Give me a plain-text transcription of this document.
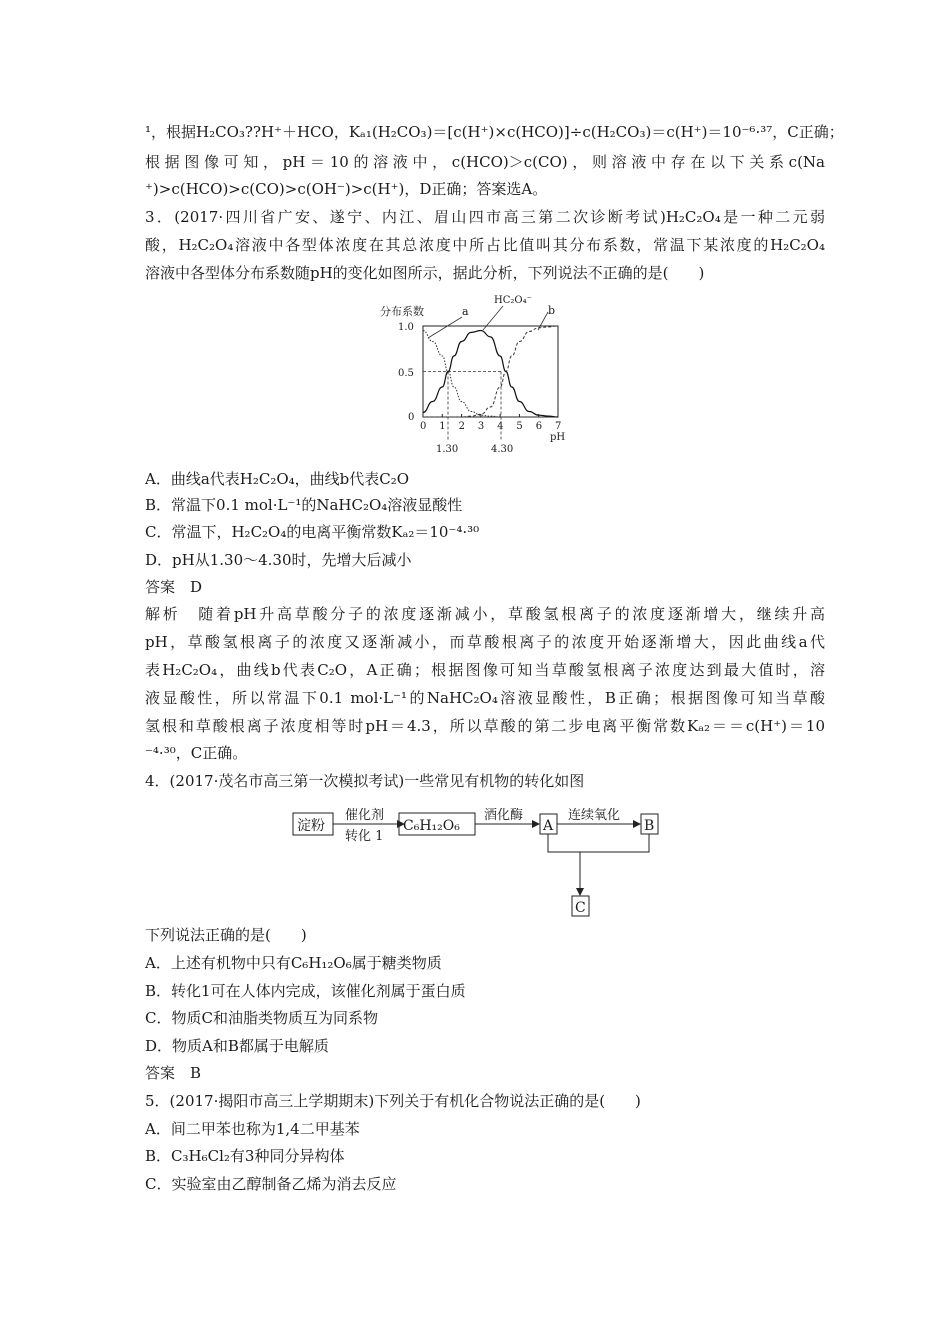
¹，根据H₂CO₃??H⁺＋HCO，Kₐ₁(H₂CO₃)＝[c(H⁺)×c(HCO)]÷c(H₂CO₃)＝c(H⁺)＝10⁻⁶·³⁷，C正确；
根据图像可知，pH＝10的溶液中，c(HCO)＞c(CO)，则溶液中存在以下关系c(Na
⁺)>c(HCO)>c(CO)>c(OH⁻)>c(H⁺)，D正确；答案选A。
3．(2017·四川省广安、遂宁、内江、眉山四市高三第二次诊断考试)H₂C₂O₄是一种二元弱
酸，H₂C₂O₄溶液中各型体浓度在其总浓度中所占比值叫其分布系数，常温下某浓度的H₂C₂O₄
溶液中各型体分布系数随pH的变化如图所示，据此分析，下列说法不正确的是(　　)
分布系数
HC₂O₄⁻
a	b
1.0
0.5
0
0 1 2 3 4 5 6 7
1.30	4.30
pH
A．曲线a代表H₂C₂O₄，曲线b代表C₂O
B．常温下0.1 mol·L⁻¹的NaHC₂O₄溶液显酸性
C．常温下，H₂C₂O₄的电离平衡常数Kₐ₂＝10⁻⁴·³⁰
D．pH从1.30～4.30时，先增大后减小
答案　D
解析　随着pH升高草酸分子的浓度逐渐减小，草酸氢根离子的浓度逐渐增大，继续升高
pH，草酸氢根离子的浓度又逐渐减小，而草酸根离子的浓度开始逐渐增大，因此曲线a代
表H₂C₂O₄，曲线b代表C₂O，A正确；根据图像可知当草酸氢根离子浓度达到最大值时，溶
液显酸性，所以常温下0.1 mol·L⁻¹的NaHC₂O₄溶液显酸性，B正确；根据图像可知当草酸
氢根和草酸根离子浓度相等时pH＝4.3，所以草酸的第二步电离平衡常数Kₐ₂＝＝c(H⁺)＝10
⁻⁴·³⁰，C正确。
4．(2017·茂名市高三第一次模拟考试)一些常见有机物的转化如图
淀粉
催化剂
转化 1
C₆H₁₂O₆
酒化酶
A
连续氧化
B
C
下列说法正确的是(　　)
A．上述有机物中只有C₆H₁₂O₆属于糖类物质
B．转化1可在人体内完成，该催化剂属于蛋白质
C．物质C和油脂类物质互为同系物
D．物质A和B都属于电解质
答案　B
5．(2017·揭阳市高三上学期期末)下列关于有机化合物说法正确的是(　　)
A．间二甲苯也称为1,4二甲基苯
B．C₃H₆Cl₂有3种同分异构体
C．实验室由乙醇制备乙烯为消去反应
